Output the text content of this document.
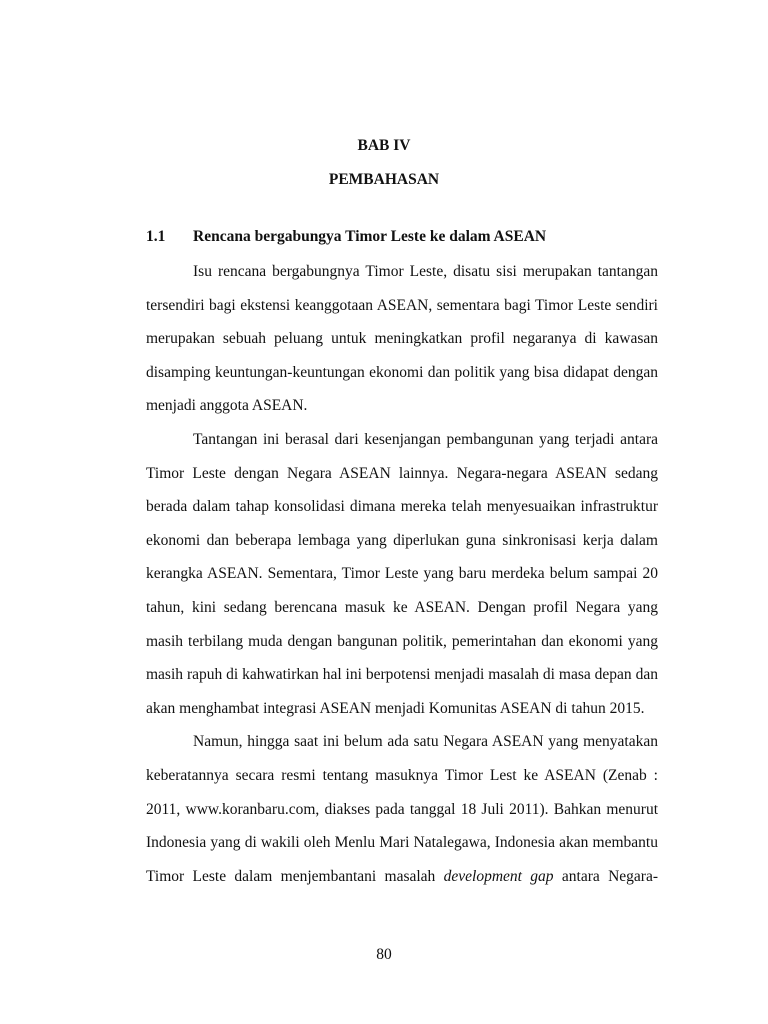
BAB IV
PEMBAHASAN
1.1 Rencana bergabungya Timor Leste ke dalam ASEAN
Isu rencana bergabungnya Timor Leste, disatu sisi merupakan tantangan
tersendiri bagi ekstensi keanggotaan ASEAN, sementara bagi Timor Leste sendiri
merupakan sebuah peluang untuk meningkatkan profil negaranya di kawasan
disamping keuntungan-keuntungan ekonomi dan politik yang bisa didapat dengan
menjadi anggota ASEAN.
Tantangan ini berasal dari kesenjangan pembangunan yang terjadi antara
Timor Leste dengan Negara ASEAN lainnya. Negara-negara ASEAN sedang
berada dalam tahap konsolidasi dimana mereka telah menyesuaikan infrastruktur
ekonomi dan beberapa lembaga yang diperlukan guna sinkronisasi kerja dalam
kerangka ASEAN. Sementara, Timor Leste yang baru merdeka belum sampai 20
tahun, kini sedang berencana masuk ke ASEAN. Dengan profil Negara yang
masih terbilang muda dengan bangunan politik, pemerintahan dan ekonomi yang
masih rapuh di kahwatirkan hal ini berpotensi menjadi masalah di masa depan dan
akan menghambat integrasi ASEAN menjadi Komunitas ASEAN di tahun 2015.
Namun, hingga saat ini belum ada satu Negara ASEAN yang menyatakan
keberatannya secara resmi tentang masuknya Timor Lest ke ASEAN (Zenab :
2011, www.koranbaru.com, diakses pada tanggal 18 Juli 2011). Bahkan menurut
Indonesia yang di wakili oleh Menlu Mari Natalegawa, Indonesia akan membantu
Timor Leste dalam menjembantani masalah development gap antara Negara-
80
